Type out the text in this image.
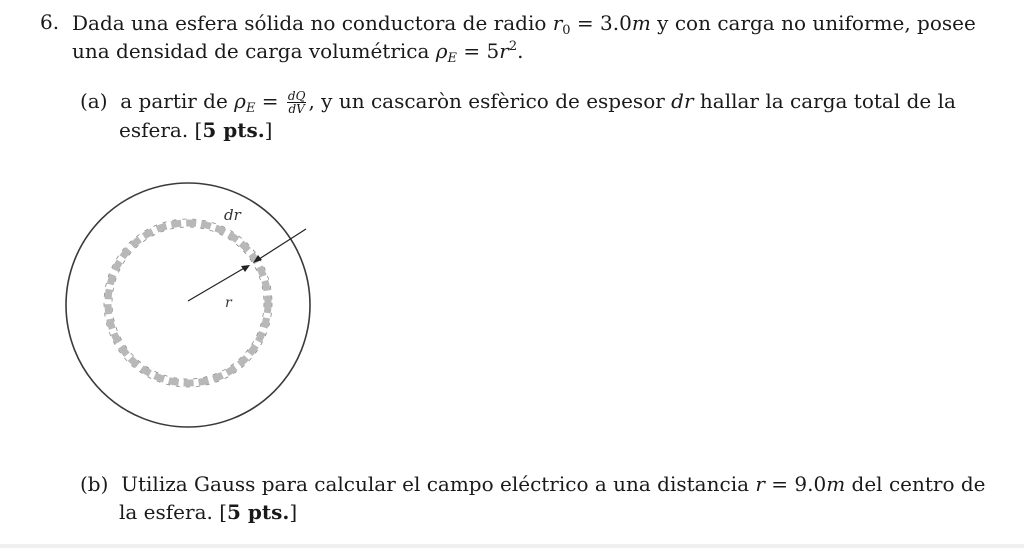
6. Dada una esfera sólida no conductora de radio $r_0 = 3.0m$ y con carga no uniforme, posee
una densidad de carga volumétrica $\rho_E = 5r^2$.
(a) a partir de $\rho_E = \frac{dQ}{dV}$ , y un cascaròn esfèrico de espesor dr hallar la carga total de la
esfera. [5 pts.]
dr
r
(b) Utiliza Gauss para calcular el campo eléctrico a una distancia r = 9.0m del centro de
la esfera. [5 pts.]
